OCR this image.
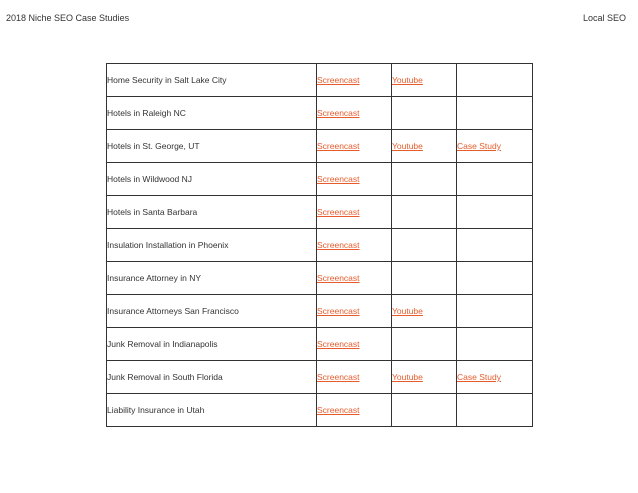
2018 Niche SEO Case Studies	Local SEO
Home Security in Salt Lake City	Screencast	Youtube	
Hotels in Raleigh NC	Screencast		
Hotels in St. George, UT	Screencast	Youtube	Case Study
Hotels in Wildwood NJ	Screencast		
Hotels in Santa Barbara	Screencast		
Insulation Installation in Phoenix	Screencast		
Insurance Attorney in NY	Screencast		
Insurance Attorneys San Francisco	Screencast	Youtube	
Junk Removal in Indianapolis	Screencast		
Junk Removal in South Florida	Screencast	Youtube	Case Study
Liability Insurance in Utah	Screencast		
